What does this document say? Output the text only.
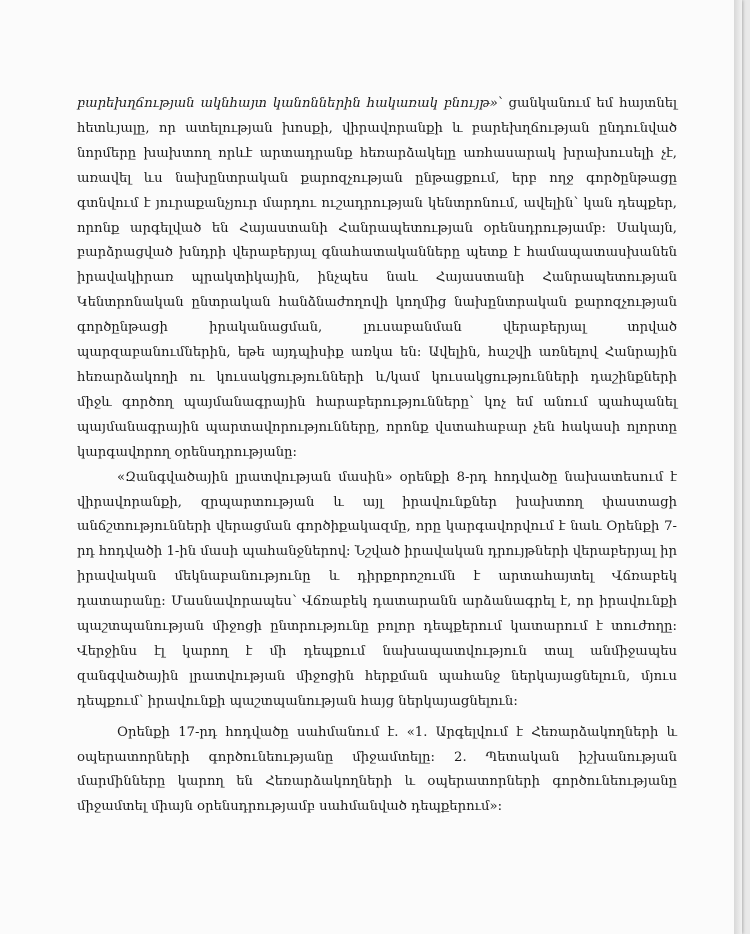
բարեխղճության ակնհայտ կանոններին հակառակ բնույթ»՝ ցանկանում եմ հայտնել հետևյալը, որ ատելության խոսքի, վիրավորանքի և բարեխղճության ընդունված նորմերը խախտող որևէ արտադրանք հեռարձակելը առհասարակ խրախուսելի չէ, առավել ևս նախընտրական քարոզչության ընթացքում, երբ ողջ գործընթացը գտնվում է յուրաքանչյուր մարդու ուշադրության կենտրոնում, ավելին՝ կան դեպքեր, որոնք արգելված են Հայաստանի Հանրապետության օրենսդրությամբ։ Սակայն, բարձրացված խնդրի վերաբերյալ գնահատականները պետք է համապատասխանեն իրավակիրառ պրակտիկային, ինչպես նաև Հայաստանի Հանրապետության Կենտրոնական ընտրական հանձնաժողովի կողմից նախընտրական քարոզչության գործընթացի իրականացման, լուսաբանման վերաբերյալ տրված պարզաբանումներին, եթե այդպիսիք առկա են։ Ավելին, հաշվի առնելով Հանրային հեռարձակողի ու կուսակցությունների և/կամ կուսակցությունների դաշինքների միջև գործող պայմանագրային հարաբերությունները՝ կոչ եմ անում պահպանել պայմանագրային պարտավորությունները, որոնք վստահաբար չեն հակասի ոլորտը կարգավորող օրենսդրությանը։

«Զանգվածային լրատվության մասին» օրենքի 8-րդ հոդվածը նախատեսում է վիրավորանքի, զրպարտության և այլ իրավունքներ խախտող փաստացի անճշտությունների վերացման գործիքակազմը, որը կարգավորվում է նաև Օրենքի 7-րդ հոդվածի 1-ին մասի պահանջներով։ Նշված իրավական դրույթների վերաբերյալ իր իրավական մեկնաբանությունը և դիրքորոշումն է արտահայտել Վճռաբեկ դատարանը։ Մասնավորապես՝ Վճռաբեկ դատարանն արձանագրել է, որ իրավունքի պաշտպանության միջոցի ընտրությունը բոլոր դեպքերում կատարում է տուժողը։ Վերջինս էլ կարող է մի դեպքում նախապատվություն տալ անմիջապես զանգվածային լրատվության միջոցին հերքման պահանջ ներկայացնելուն, մյուս դեպքում՝ իրավունքի պաշտպանության հայց ներկայացնելուն։

Օրենքի 17-րդ հոդվածը սահմանում է. «1. Արգելվում է Հեռարձակողների և օպերատորների գործունեությանը միջամտելը։ 2. Պետական իշխանության մարմինները կարող են Հեռարձակողների և օպերատորների գործունեությանը միջամտել միայն օրենսդրությամբ սահմանված դեպքերում»։
